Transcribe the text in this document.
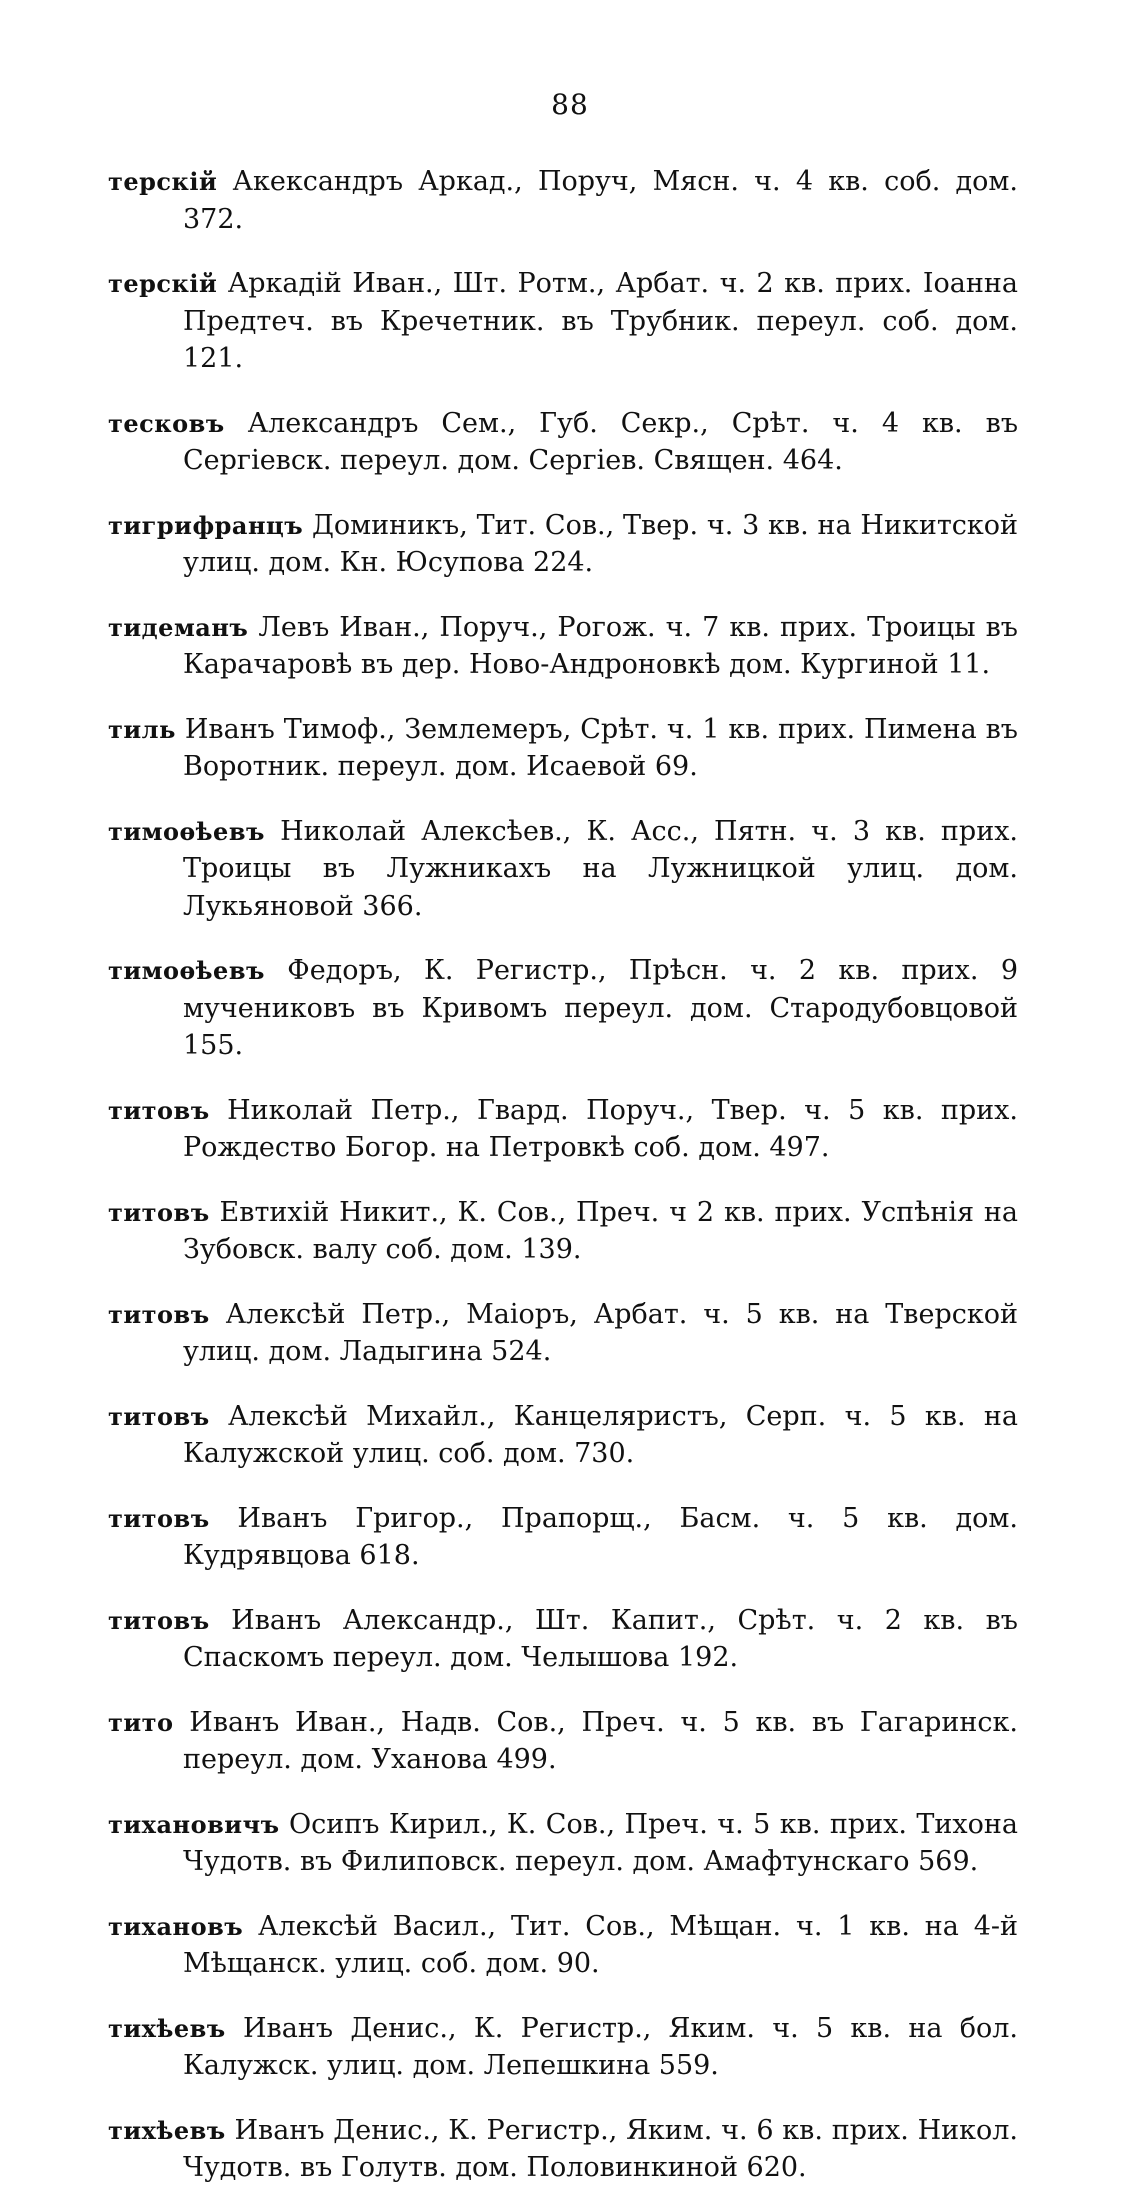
88

терскій Акександръ Аркад., Поруч, Мясн. ч. 4 кв. соб. дом. 372.

терскій Аркадій Иван., Шт. Ротм., Арбат. ч. 2 кв. прих. Іоанна Предтеч. въ Кречетник. въ Трубник. переул. соб. дом. 121.

тесковъ Александръ Сем., Губ. Секр., Срѣт. ч. 4 кв. въ Сергіевск. переул. дом. Сергіев. Священ. 464.

тигрифранцъ Доминикъ, Тит. Сов., Твер. ч. 3 кв. на Никитской улиц. дом. Кн. Юсупова 224.

тидеманъ Левъ Иван., Поруч., Рогож. ч. 7 кв. прих. Троицы въ Карачаровѣ въ дер. Ново-Андроновкѣ дом. Кургиной 11.

тиль Иванъ Тимоф., Землемеръ, Срѣт. ч. 1 кв. прих. Пимена въ Воротник. переул. дом. Исаевой 69.

тимоѳѣевъ Николай Алексѣев., К. Асс., Пятн. ч. 3 кв. прих. Троицы въ Лужникахъ на Лужницкой улиц. дом. Лукьяновой 366.

тимоѳѣевъ Федоръ, К. Регистр., Прѣсн. ч. 2 кв. прих. 9 мучениковъ въ Кривомъ переул. дом. Стародубовцовой 155.

титовъ Николай Петр., Гвард. Поруч., Твер. ч. 5 кв. прих. Рождество Богор. на Петровкѣ соб. дом. 497.

титовъ Евтихій Никит., К. Сов., Преч. ч 2 кв. прих. Успѣнія на Зубовск. валу соб. дом. 139.

титовъ Алексѣй Петр., Маіоръ, Арбат. ч. 5 кв. на Тверской улиц. дом. Ладыгина 524.

титовъ Алексѣй Михайл., Канцеляристъ, Серп. ч. 5 кв. на Калужской улиц. соб. дом. 730.

титовъ Иванъ Григор., Прапорщ., Басм. ч. 5 кв. дом. Кудрявцова 618.

титовъ Иванъ Александр., Шт. Капит., Срѣт. ч. 2 кв. въ Спаскомъ переул. дом. Челышова 192.

тито Иванъ Иван., Надв. Сов., Преч. ч. 5 кв. въ Гагаринск. переул. дом. Уханова 499.

тихановичъ Осипъ Кирил., К. Сов., Преч. ч. 5 кв. прих. Тихона Чудотв. въ Филиповск. переул. дом. Амафтунскаго 569.

тихановъ Алексѣй Васил., Тит. Сов., Мѣщан. ч. 1 кв. на 4-й Мѣщанск. улиц. соб. дом. 90.

тихѣевъ Иванъ Денис., К. Регистр., Яким. ч. 5 кв. на бол. Калужск. улиц. дом. Лепешкина 559.

тихѣевъ Иванъ Денис., К. Регистр., Яким. ч. 6 кв. прих. Никол. Чудотв. въ Голутв. дом. Половинкиной 620.
